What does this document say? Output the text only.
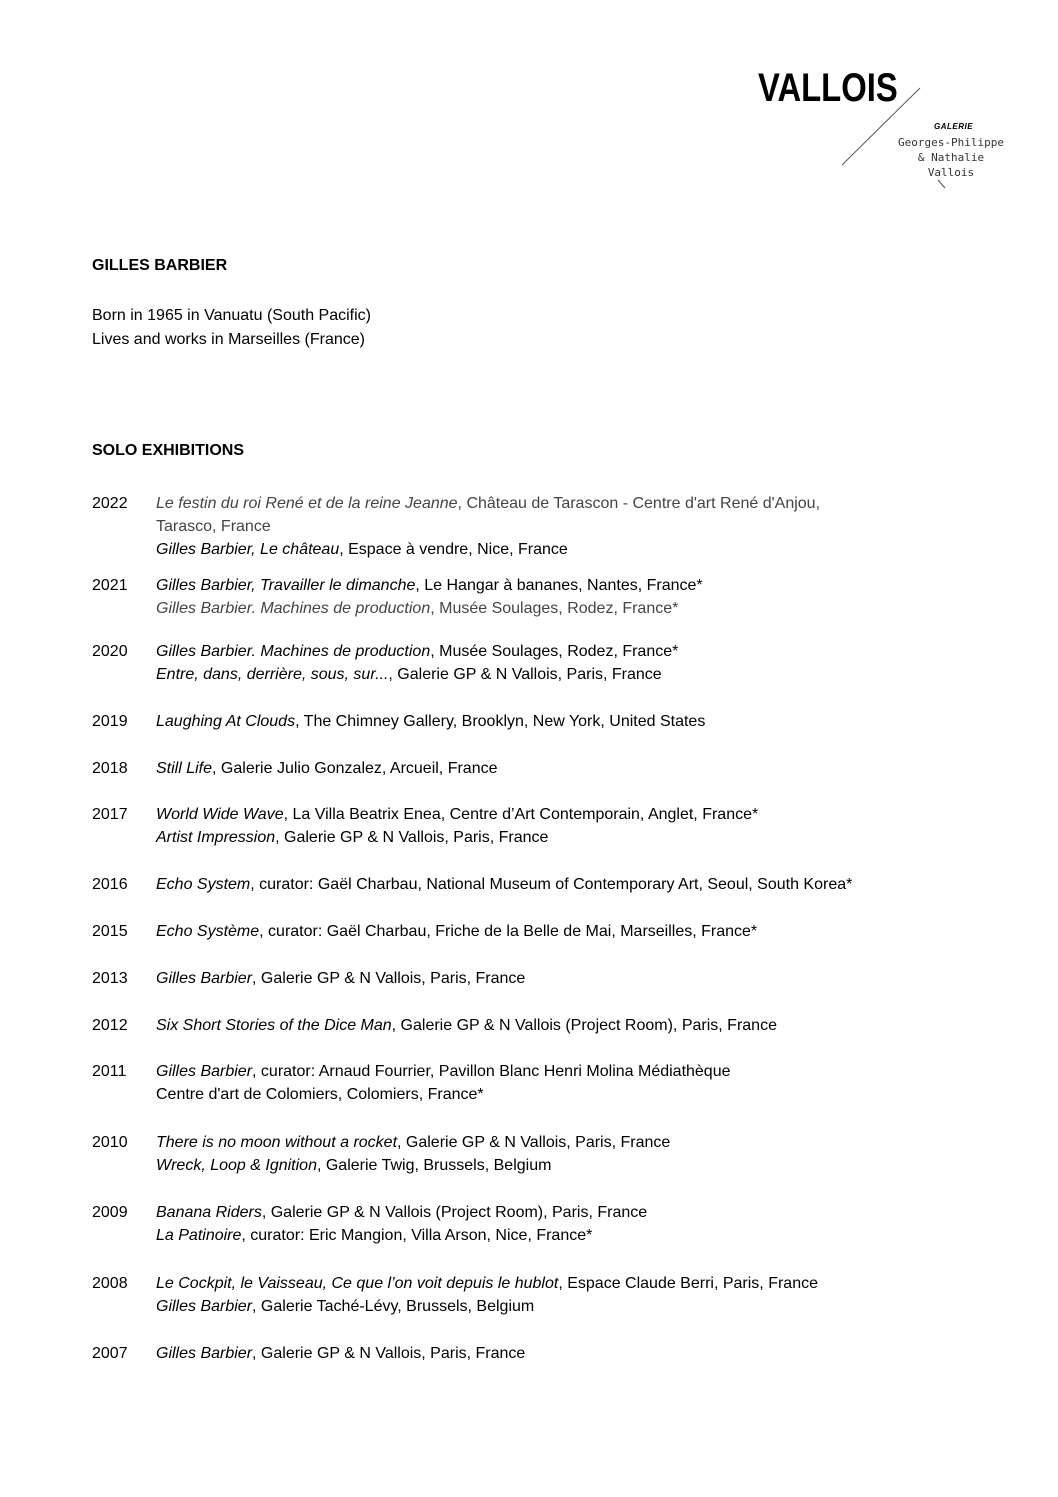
VALLOIS
GALERIE
Georges-Philippe
& Nathalie
Vallois
GILLES BARBIER
Born in 1965 in Vanuatu (South Pacific)
Lives and works in Marseilles (France)
SOLO EXHIBITIONS
2022	Le festin du roi René et de la reine Jeanne, Château de Tarascon - Centre d'art René d'Anjou,
Tarasco, France
Gilles Barbier, Le château, Espace à vendre, Nice, France
2021	Gilles Barbier, Travailler le dimanche, Le Hangar à bananes, Nantes, France*
Gilles Barbier. Machines de production, Musée Soulages, Rodez, France*
2020	Gilles Barbier. Machines de production, Musée Soulages, Rodez, France*
Entre, dans, derrière, sous, sur..., Galerie GP & N Vallois, Paris, France
2019	Laughing At Clouds, The Chimney Gallery, Brooklyn, New York, United States
2018	Still Life, Galerie Julio Gonzalez, Arcueil, France
2017	World Wide Wave, La Villa Beatrix Enea, Centre d’Art Contemporain, Anglet, France*
Artist Impression, Galerie GP & N Vallois, Paris, France
2016	Echo System, curator: Gaël Charbau, National Museum of Contemporary Art, Seoul, South Korea*
2015	Echo Système, curator: Gaël Charbau, Friche de la Belle de Mai, Marseilles, France*
2013	Gilles Barbier, Galerie GP & N Vallois, Paris, France
2012	Six Short Stories of the Dice Man, Galerie GP & N Vallois (Project Room), Paris, France
2011	Gilles Barbier, curator: Arnaud Fourrier, Pavillon Blanc Henri Molina Médiathèque
Centre d'art de Colomiers, Colomiers, France*
2010	There is no moon without a rocket, Galerie GP & N Vallois, Paris, France
Wreck, Loop & Ignition, Galerie Twig, Brussels, Belgium
2009	Banana Riders, Galerie GP & N Vallois (Project Room), Paris, France
La Patinoire, curator: Eric Mangion, Villa Arson, Nice, France*
2008	Le Cockpit, le Vaisseau, Ce que l’on voit depuis le hublot, Espace Claude Berri, Paris, France
Gilles Barbier, Galerie Taché-Lévy, Brussels, Belgium
2007	Gilles Barbier, Galerie GP & N Vallois, Paris, France
